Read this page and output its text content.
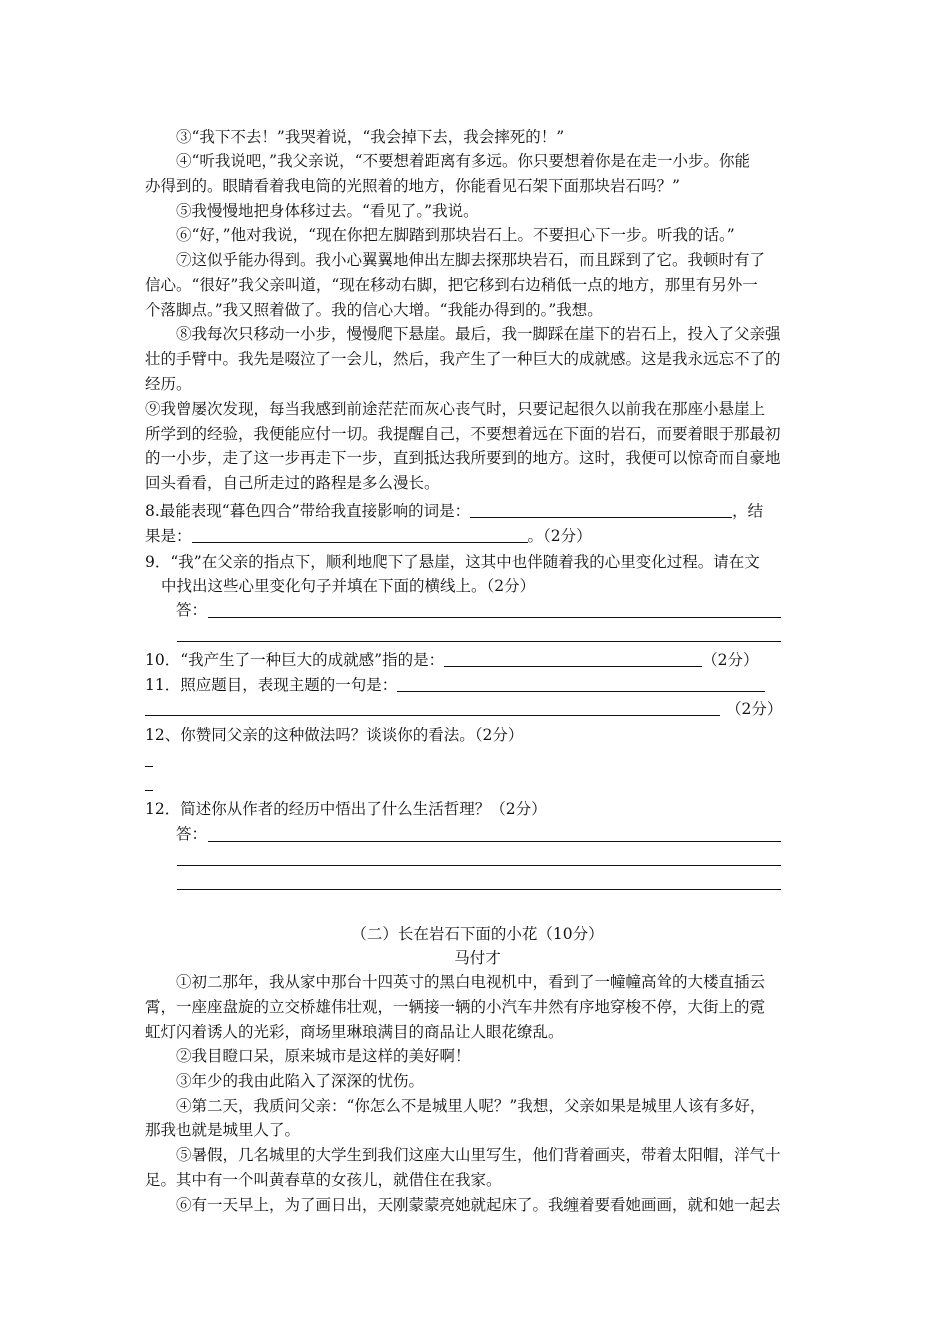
③“我下不去！”我哭着说，“我会掉下去，我会摔死的！”
④“听我说吧，”我父亲说，“不要想着距离有多远。你只要想着你是在走一小步。你能
办得到的。眼睛看着我电筒的光照着的地方，你能看见石架下面那块岩石吗？”
⑤我慢慢地把身体移过去。“看见了。”我说。
⑥“好，”他对我说，“现在你把左脚踏到那块岩石上。不要担心下一步。听我的话。”
⑦这似乎能办得到。我小心翼翼地伸出左脚去探那块岩石，而且踩到了它。我顿时有了
信心。“很好”我父亲叫道，“现在移动右脚，把它移到右边稍低一点的地方，那里有另外一
个落脚点。”我又照着做了。我的信心大增。“我能办得到的。”我想。
⑧我每次只移动一小步，慢慢爬下悬崖。最后，我一脚踩在崖下的岩石上，投入了父亲强
壮的手臂中。我先是啜泣了一会儿，然后，我产生了一种巨大的成就感。这是我永远忘不了的
经历。
⑨我曾屡次发现，每当我感到前途茫茫而灰心丧气时，只要记起很久以前我在那座小悬崖上
所学到的经验，我便能应付一切。我提醒自己，不要想着远在下面的岩石，而要着眼于那最初
的一小步，走了这一步再走下一步，直到抵达我所要到的地方。这时，我便可以惊奇而自豪地
回头看看，自己所走过的路程是多么漫长。
8.最能表现“暮色四合”带给我直接影响的词是：	，结
果是：	。（2分）
9．“我”在父亲的指点下，顺利地爬下了悬崖，这其中也伴随着我的心里变化过程。请在文
中找出这些心里变化句子并填在下面的横线上。（2分）
答：
10．“我产生了一种巨大的成就感”指的是：	（2分）
11．照应题目，表现主题的一句是：
（2分）
12、你赞同父亲的这种做法吗？谈谈你的看法。（2分）
12．简述你从作者的经历中悟出了什么生活哲理？（2分）
答：
（二）长在岩石下面的小花（10分）
马付才
①初二那年，我从家中那台十四英寸的黑白电视机中，看到了一幢幢高耸的大楼直插云
霄，一座座盘旋的立交桥雄伟壮观，一辆接一辆的小汽车井然有序地穿梭不停，大街上的霓
虹灯闪着诱人的光彩，商场里琳琅满目的商品让人眼花缭乱。
②我目瞪口呆，原来城市是这样的美好啊！
③年少的我由此陷入了深深的忧伤。
④第二天，我质问父亲：“你怎么不是城里人呢？”我想，父亲如果是城里人该有多好，
那我也就是城里人了。
⑤暑假，几名城里的大学生到我们这座大山里写生，他们背着画夹，带着太阳帽，洋气十
足。其中有一个叫黄春草的女孩儿，就借住在我家。
⑥有一天早上，为了画日出，天刚蒙蒙亮她就起床了。我缠着要看她画画，就和她一起去
